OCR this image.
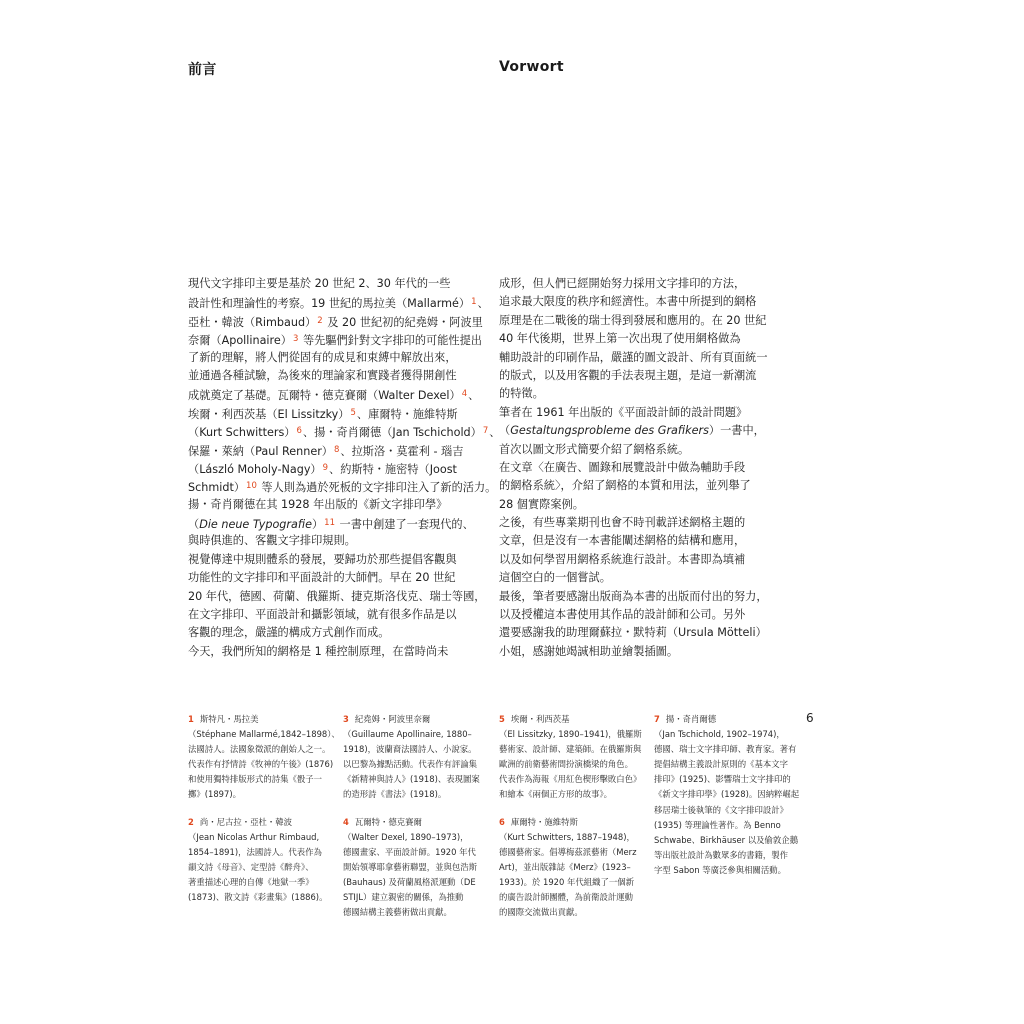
前言	Vorwort
現代文字排印主要是基於 20 世紀 2、30 年代的一些
設計性和理論性的考察。19 世紀的馬拉美（Mallarmé）$^1$、
亞杜・韓波（Rimbaud）$^2$ 及 20 世紀初的紀堯姆・阿波里
奈爾（Apollinaire）$^3$ 等先驅們針對文字排印的可能性提出
了新的理解，將人們從固有的成見和束縛中解放出來，
並通過各種試驗，為後來的理論家和實踐者獲得開創性
成就奠定了基礎。瓦爾特・德克賽爾（Walter Dexel）$^4$、
埃爾・利西茨基（El Lissitzky）$^5$、庫爾特・施維特斯
（Kurt Schwitters）$^6$、揚・奇肖爾德（Jan Tschichold）$^7$、
保羅・萊納（Paul Renner）$^8$、拉斯洛・莫霍利 - 瑙吉
（László Moholy-Nagy）$^9$、約斯特・施密特（Joost
Schmidt）$^{10}$ 等人則為過於死板的文字排印注入了新的活力。
揚・奇肖爾德在其 1928 年出版的《新文字排印學》
（Die neue Typografie）$^{11}$ 一書中創建了一套現代的、
與時俱進的、客觀文字排印規則。
視覺傳達中規則體系的發展，要歸功於那些提倡客觀與
功能性的文字排印和平面設計的大師們。早在 20 世紀
20 年代，德國、荷蘭、俄羅斯、捷克斯洛伐克、瑞士等國，
在文字排印、平面設計和攝影領域，就有很多作品是以
客觀的理念，嚴謹的構成方式創作而成。
今天，我們所知的網格是 1 種控制原理，在當時尚未
成形，但人們已經開始努力採用文字排印的方法，
追求最大限度的秩序和經濟性。本書中所提到的網格
原理是在二戰後的瑞士得到發展和應用的。在 20 世紀
40 年代後期，世界上第一次出現了使用網格做為
輔助設計的印刷作品，嚴謹的圖文設計、所有頁面統一
的版式，以及用客觀的手法表現主題，是這一新潮流
的特徵。
筆者在 1961 年出版的《平面設計師的設計問題》
（Gestaltungsprobleme des Grafikers）一書中，
首次以圖文形式簡要介紹了網格系統。
在文章〈在廣告、圖錄和展覽設計中做為輔助手段
的網格系統〉，介紹了網格的本質和用法，並列舉了
28 個實際案例。
之後，有些專業期刊也會不時刊載詳述網格主題的
文章，但是沒有一本書能闡述網格的結構和應用，
以及如何學習用網格系統進行設計。本書即為填補
這個空白的一個嘗試。
最後，筆者要感謝出版商為本書的出版而付出的努力，
以及授權這本書使用其作品的設計師和公司。另外
還要感謝我的助理爾蘇拉・默特莉（Ursula Mötteli）
小姐，感謝她竭誠相助並繪製插圖。
1 斯特凡・馬拉美
（Stéphane Mallarmé,1842–1898）、
法國詩人。法國象徵派的創始人之一。
代表作有抒情詩《牧神的午後》(1876)
和使用獨特排版形式的詩集《骰子一
擲》(1897)。
2 尚・尼古拉・亞杜・韓波
（Jean Nicolas Arthur Rimbaud,
1854–1891)，法國詩人。代表作為
韻文詩《母音》、定型詩《醉舟》、
著重描述心理的自傳《地獄一季》
(1873)、散文詩《彩畫集》(1886)。
3 紀堯姆・阿波里奈爾
（Guillaume Apollinaire, 1880–
1918)，波蘭裔法國詩人、小說家。
以巴黎為據點活動。代表作有評論集
《新精神與詩人》(1918)、表現圖案
的造形詩《書法》(1918)。
4 瓦爾特・德克賽爾
（Walter Dexel, 1890–1973)，
德國畫家、平面設計師。1920 年代
開始領導耶拿藝術聯盟，並與包浩斯
(Bauhaus) 及荷蘭風格派運動（DE
STIJL）建立親密的關係，為推動
德國結構主義藝術做出貢獻。
5 埃爾・利西茨基
（El Lissitzky, 1890–1941)，俄羅斯
藝術家、設計師、建築師。在俄羅斯與
歐洲的前衛藝術間扮演橋梁的角色。
代表作為海報《用紅色楔形擊敗白色》
和繪本《兩個正方形的故事》。
6 庫爾特・施維特斯
（Kurt Schwitters, 1887–1948)，
德國藝術家。倡導梅茲派藝術（Merz
Art)，並出版雜誌《Merz》(1923–
1933)。於 1920 年代組織了一個新
的廣告設計師團體，為前衛設計運動
的國際交流做出貢獻。
7 揚・奇肖爾德
（Jan Tschichold, 1902–1974)，
德國、瑞士文字排印師、教育家。著有
提倡結構主義設計原則的《基本文字
排印》(1925)、影響瑞士文字排印的
《新文字排印學》(1928)。因納粹崛起
移居瑞士後執筆的《文字排印設計》
(1935) 等理論性著作。為 Benno
Schwabe、Birkhäuser 以及偷敦企鵝
等出版社設計為數眾多的書籍，製作
字型 Sabon 等廣泛參與相關活動。
6
